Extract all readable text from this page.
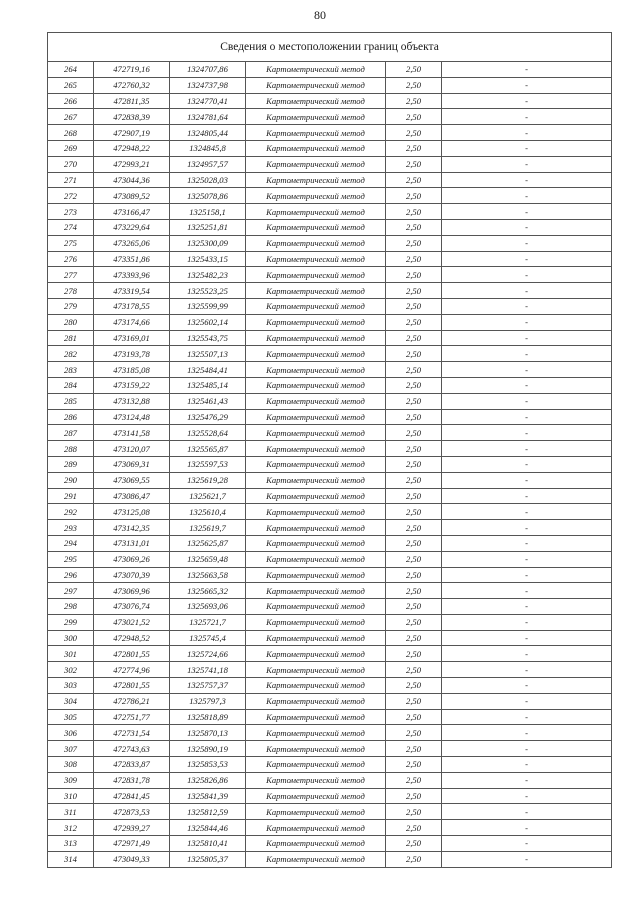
80
Сведения о местоположении границ объекта					
264	472719,16	1324707,86	Картометрический метод	2,50	-
265	472760,32	1324737,98	Картометрический метод	2,50	-
266	472811,35	1324770,41	Картометрический метод	2,50	-
267	472838,39	1324781,64	Картометрический метод	2,50	-
268	472907,19	1324805,44	Картометрический метод	2,50	-
269	472948,22	1324845,8	Картометрический метод	2,50	-
270	472993,21	1324957,57	Картометрический метод	2,50	-
271	473044,36	1325028,03	Картометрический метод	2,50	-
272	473089,52	1325078,86	Картометрический метод	2,50	-
273	473166,47	1325158,1	Картометрический метод	2,50	-
274	473229,64	1325251,81	Картометрический метод	2,50	-
275	473265,06	1325300,09	Картометрический метод	2,50	-
276	473351,86	1325433,15	Картометрический метод	2,50	-
277	473393,96	1325482,23	Картометрический метод	2,50	-
278	473319,54	1325523,25	Картометрический метод	2,50	-
279	473178,55	1325599,99	Картометрический метод	2,50	-
280	473174,66	1325602,14	Картометрический метод	2,50	-
281	473169,01	1325543,75	Картометрический метод	2,50	-
282	473193,78	1325507,13	Картометрический метод	2,50	-
283	473185,08	1325484,41	Картометрический метод	2,50	-
284	473159,22	1325485,14	Картометрический метод	2,50	-
285	473132,88	1325461,43	Картометрический метод	2,50	-
286	473124,48	1325476,29	Картометрический метод	2,50	-
287	473141,58	1325528,64	Картометрический метод	2,50	-
288	473120,07	1325565,87	Картометрический метод	2,50	-
289	473069,31	1325597,53	Картометрический метод	2,50	-
290	473069,55	1325619,28	Картометрический метод	2,50	-
291	473086,47	1325621,7	Картометрический метод	2,50	-
292	473125,08	1325610,4	Картометрический метод	2,50	-
293	473142,35	1325619,7	Картометрический метод	2,50	-
294	473131,01	1325625,87	Картометрический метод	2,50	-
295	473069,26	1325659,48	Картометрический метод	2,50	-
296	473070,39	1325663,58	Картометрический метод	2,50	-
297	473069,96	1325665,32	Картометрический метод	2,50	-
298	473076,74	1325693,06	Картометрический метод	2,50	-
299	473021,52	1325721,7	Картометрический метод	2,50	-
300	472948,52	1325745,4	Картометрический метод	2,50	-
301	472801,55	1325724,66	Картометрический метод	2,50	-
302	472774,96	1325741,18	Картометрический метод	2,50	-
303	472801,55	1325757,37	Картометрический метод	2,50	-
304	472786,21	1325797,3	Картометрический метод	2,50	-
305	472751,77	1325818,89	Картометрический метод	2,50	-
306	472731,54	1325870,13	Картометрический метод	2,50	-
307	472743,63	1325890,19	Картометрический метод	2,50	-
308	472833,87	1325853,53	Картометрический метод	2,50	-
309	472831,78	1325826,86	Картометрический метод	2,50	-
310	472841,45	1325841,39	Картометрический метод	2,50	-
311	472873,53	1325812,59	Картометрический метод	2,50	-
312	472939,27	1325844,46	Картометрический метод	2,50	-
313	472971,49	1325810,41	Картометрический метод	2,50	-
314	473049,33	1325805,37	Картометрический метод	2,50	-
